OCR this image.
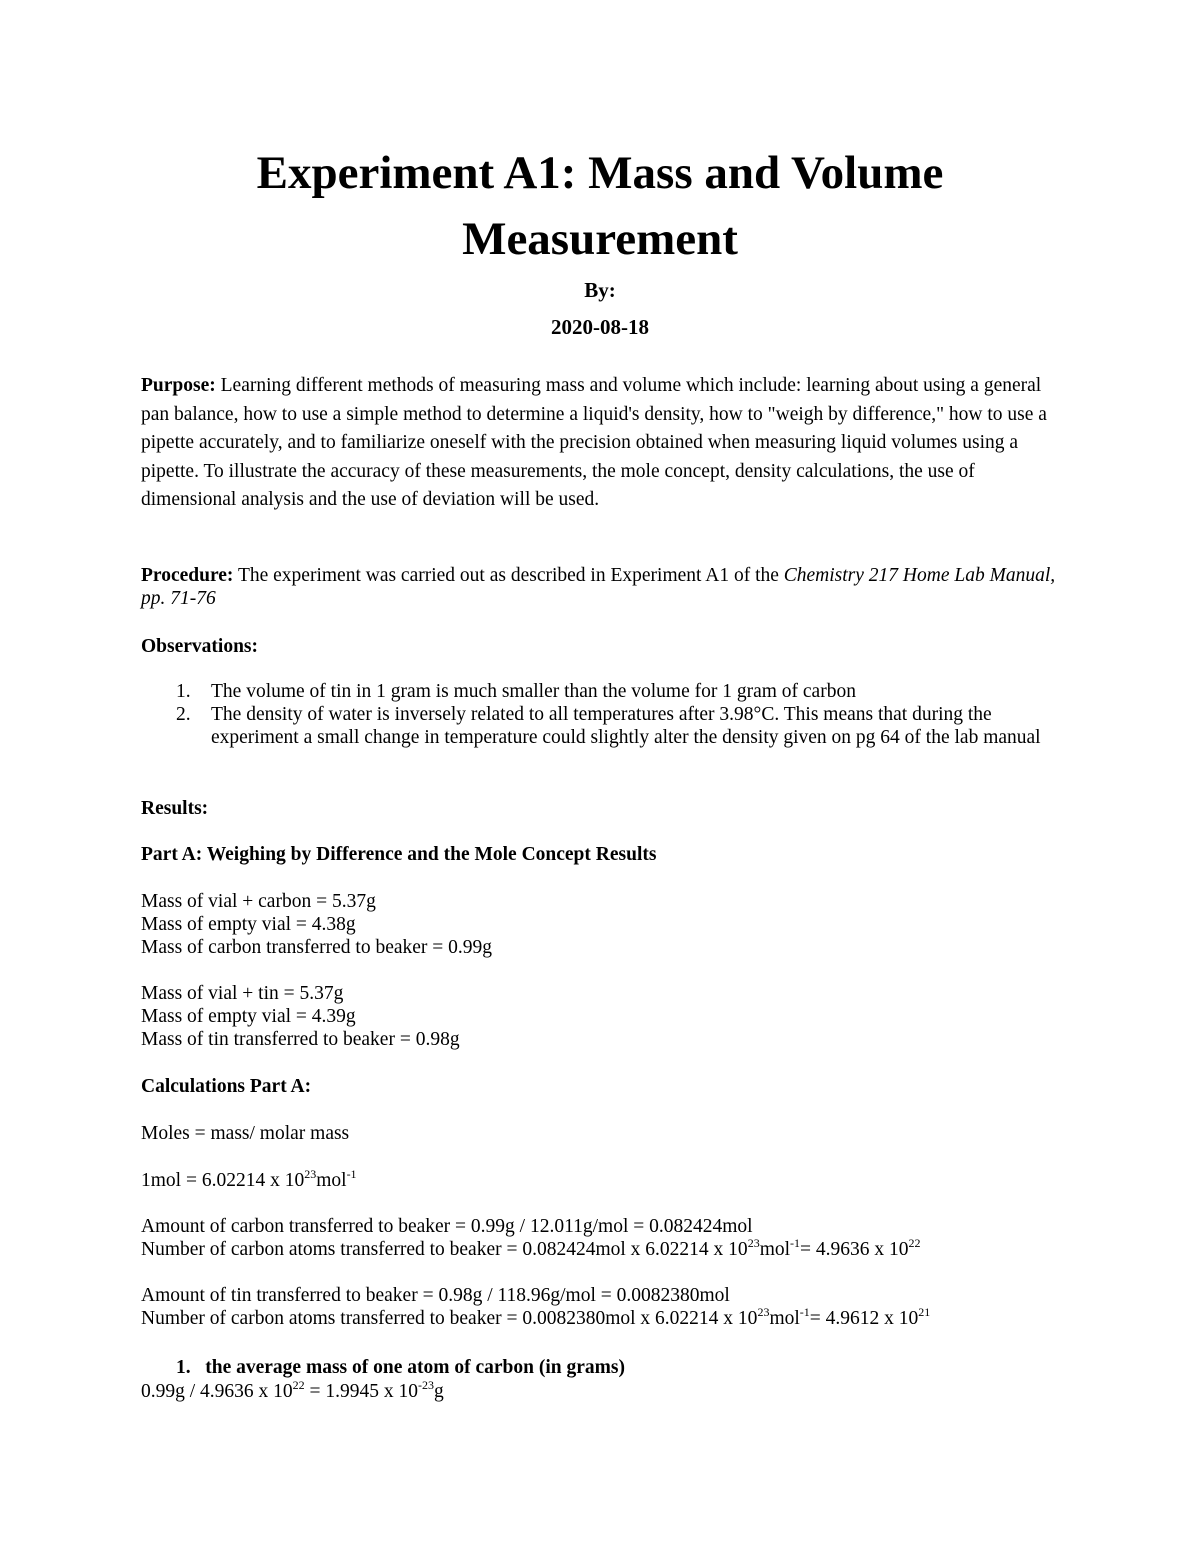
Experiment A1: Mass and Volume
Measurement

By:

2020-08-18

Purpose: Learning different methods of measuring mass and volume which include: learning about using a general pan balance, how to use a simple method to determine a liquid's density, how to "weigh by difference," how to use a pipette accurately, and to familiarize oneself with the precision obtained when measuring liquid volumes using a pipette. To illustrate the accuracy of these measurements, the mole concept, density calculations, the use of dimensional analysis and the use of deviation will be used.

Procedure: The experiment was carried out as described in Experiment A1 of the Chemistry 217 Home Lab Manual, pp. 71-76

Observations:

1. The volume of tin in 1 gram is much smaller than the volume for 1 gram of carbon
2. The density of water is inversely related to all temperatures after 3.98°C. This means that during the experiment a small change in temperature could slightly alter the density given on pg 64 of the lab manual

Results:

Part A: Weighing by Difference and the Mole Concept Results

Mass of vial + carbon = 5.37g
Mass of empty vial = 4.38g
Mass of carbon transferred to beaker = 0.99g

Mass of vial + tin = 5.37g
Mass of empty vial = 4.39g
Mass of tin transferred to beaker = 0.98g

Calculations Part A:

Moles = mass/ molar mass

1mol = 6.02214 x $10^{23}mol^{-1}$

Amount of carbon transferred to beaker = 0.99g / 12.011g/mol = 0.082424mol
Number of carbon atoms transferred to beaker = 0.082424mol x 6.02214 x $10^{23}mol^{-1}= 4.9636$ x $10^{22}$

Amount of tin transferred to beaker = 0.98g / 118.96g/mol = 0.0082380mol
Number of carbon atoms transferred to beaker = 0.0082380mol x 6.02214 x $10^{23}mol^{-1}= 4.9612$ x $10^{21}$

1. the average mass of one atom of carbon (in grams)

0.99g / 4.9636 x $10^{22} = 1.9945$ x $10^{-23}g$
